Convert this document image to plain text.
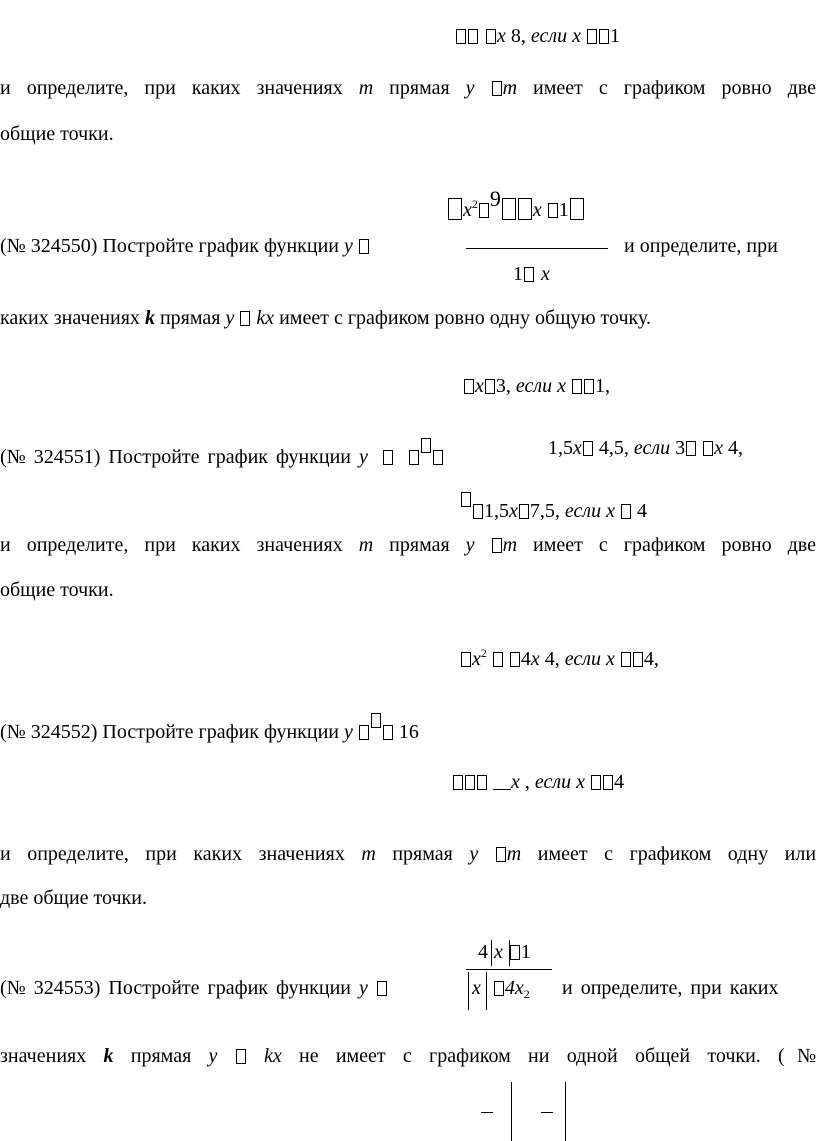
x 8, если x 1
и определите, при каких значениях m прямая y m имеет с графиком ровно две
общие точки.
$x^2$ 9 x 1
(№ 324550) Постройте график функции y	и определите, при
1 x
каких значениях k прямая y kx имеет с графиком ровно одну общую точку.
x 3, если x 1,
(№ 324551) Постройте график функции y	1,5x 4,5, если 3 x 4,
1,5x 7,5, если x 4
и определите, при каких значениях m прямая y m имеет с графиком ровно две
общие точки.
$x^2$ 4x 4, если x 4,
(№ 324552) Постройте график функции y 16
x , если x 4
и определите, при каких значениях m прямая y m имеет с графиком одну или
две общие точки.
4 x 1
(№ 324553) Постройте график функции y	x $4x_2$ и определите, при каких
значениях k прямая y kx не имеет с графиком ни одной общей точки. (№
